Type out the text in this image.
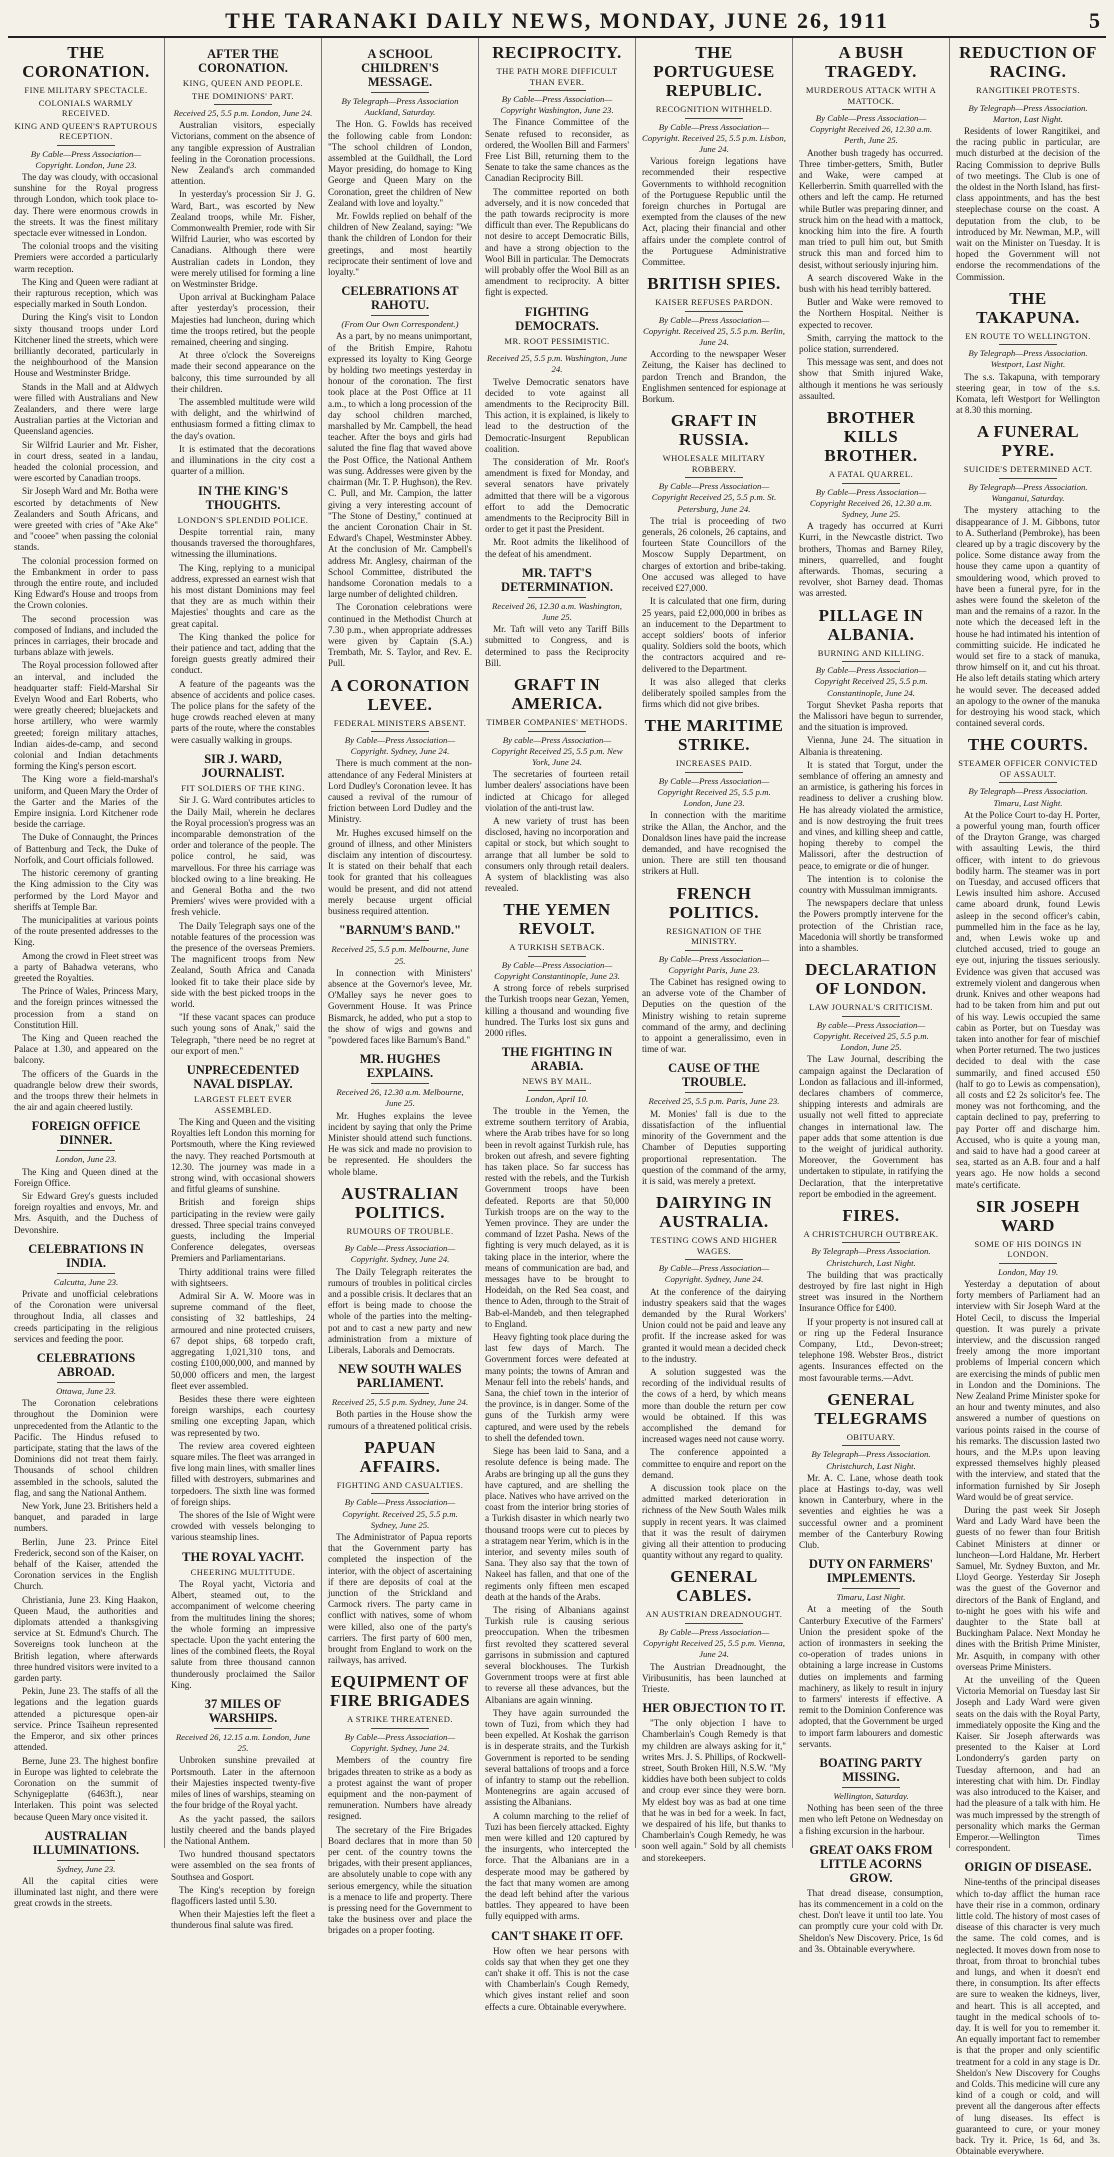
THE TARANAKI DAILY NEWS, MONDAY, JUNE 26, 1911	5
THE CORONATION.
FINE MILITARY SPECTACLE.
COLONIALS WARMLY RECEIVED.
KING AND QUEEN'S RAPTUROUS RECEPTION.
By Cable—Press Association—Copyright. London, June 23.

The day was cloudy, with occasional sunshine for the Royal progress through London, which took place to-day. There were enormous crowds in the streets. It was the finest military spectacle ever witnessed in London.

The colonial troops and the visiting Premiers were accorded a particularly warm reception.

The King and Queen were radiant at their rapturous reception, which was especially marked in South London.

During the King's visit to London sixty thousand troops under Lord Kitchener lined the streets, which were brilliantly decorated, particularly in the neighbourhood of the Mansion House and Westminster Bridge.

Stands in the Mall and at Aldwych were filled with Australians and New Zealanders, and there were large Australian parties at the Victorian and Queensland agencies.

Sir Wilfrid Laurier and Mr. Fisher, in court dress, seated in a landau, headed the colonial procession, and were escorted by Canadian troops.

Sir Joseph Ward and Mr. Botha were escorted by detachments of New Zealanders and South Africans, and were greeted with cries of "Ake Ake" and "cooee" when passing the colonial stands.

The colonial procession formed on the Embankment in order to pass through the entire route, and included King Edward's House and troops from the Crown colonies.

The second procession was composed of Indians, and included the princes in carriages, their brocade and turbans ablaze with jewels.

The Royal procession followed after an interval, and included the headquarter staff: Field-Marshal Sir Evelyn Wood and Earl Roberts, who were greatly cheered; bluejackets and horse artillery, who were warmly greeted; foreign military attaches, Indian aides-de-camp, and second colonial and Indian detachments forming the King's person escort.

The King wore a field-marshal's uniform, and Queen Mary the Order of the Garter and the Maries of the Empire insignia. Lord Kitchener rode beside the carriage.

The Duke of Connaught, the Princes of Battenburg and Teck, the Duke of Norfolk, and Court officials followed.

The historic ceremony of granting the King admission to the City was performed by the Lord Mayor and sheriffs at Temple Bar.

The municipalities at various points of the route presented addresses to the King.

Among the crowd in Fleet street was a party of Bahadwa veterans, who greeted the Royalties.

The Prince of Wales, Princess Mary, and the foreign princes witnessed the procession from a stand on Constitution Hill.

The King and Queen reached the Palace at 1.30, and appeared on the balcony.

The officers of the Guards in the quadrangle below drew their swords, and the troops threw their helmets in the air and again cheered lustily.

FOREIGN OFFICE DINNER.
London, June 23.

The King and Queen dined at the Foreign Office.

Sir Edward Grey's guests included foreign royalties and envoys, Mr. and Mrs. Asquith, and the Duchess of Devonshire.

CELEBRATIONS IN INDIA.
Calcutta, June 23.

Private and unofficial celebrations of the Coronation were universal throughout India, all classes and creeds participating in the religious services and feeding the poor.

CELEBRATIONS ABROAD.
Ottawa, June 23.

The Coronation celebrations throughout the Dominion were unprecedented from the Atlantic to the Pacific. The Hindus refused to participate, stating that the laws of the Dominions did not treat them fairly. Thousands of school children assembled in the schools, saluted the flag, and sang the National Anthem.

New York, June 23. Britishers held a banquet, and paraded in large numbers.

Berlin, June 23. Prince Eitel Frederick, second son of the Kaiser, on behalf of the Kaiser, attended the Coronation services in the English Church.

Christiania, June 23. King Haakon, Queen Maud, the authorities and diplomats attended a thanksgiving service at St. Edmund's Church. The Sovereigns took luncheon at the British legation, where afterwards three hundred visitors were invited to a garden party.

Pekin, June 23. The staffs of all the legations and the legation guards attended a picturesque open-air service. Prince Tsaiheun represented the Emperor, and six other princes attended.

Berne, June 23. The highest bonfire in Europe was lighted to celebrate the Coronation on the summit of Schynigeplatte (6463ft.), near Interlaken. This point was selected because Queen Mary once visited it.

AUSTRALIAN ILLUMINATIONS.
Sydney, June 23.

All the capital cities were illuminated last night, and there were great crowds in the streets.

AFTER THE CORONATION.
KING, QUEEN AND PEOPLE.
THE DOMINIONS' PART.
Received 25, 5.5 p.m. London, June 24.

Australian visitors, especially Victorians, comment on the absence of any tangible expression of Australian feeling in the Coronation processions. New Zealand's arch commanded attention.

In yesterday's procession Sir J. G. Ward, Bart., was escorted by New Zealand troops, while Mr. Fisher, Commonwealth Premier, rode with Sir Wilfrid Laurier, who was escorted by Canadians. Although there were Australian cadets in London, they were merely utilised for forming a line on Westminster Bridge.

Upon arrival at Buckingham Palace after yesterday's procession, their Majesties had luncheon, during which time the troops retired, but the people remained, cheering and singing.

At three o'clock the Sovereigns made their second appearance on the balcony, this time surrounded by all their children.

The assembled multitude were wild with delight, and the whirlwind of enthusiasm formed a fitting climax to the day's ovation.

It is estimated that the decorations and illuminations in the city cost a quarter of a million.

IN THE KING'S THOUGHTS.
LONDON'S SPLENDID POLICE.

Despite torrential rain, many thousands traversed the thoroughfares, witnessing the illuminations.

The King, replying to a municipal address, expressed an earnest wish that his most distant Dominions may feel that they are as much within their Majesties' thoughts and care as the great capital.

The King thanked the police for their patience and tact, adding that the foreign guests greatly admired their conduct.

A feature of the pageants was the absence of accidents and police cases. The police plans for the safety of the huge crowds reached eleven at many parts of the route, where the constables were casually walking in groups.

SIR J. WARD, JOURNALIST.
FIT SOLDIERS OF THE KING.

Sir J. G. Ward contributes articles to the Daily Mail, wherein he declares the Royal procession's progress was an incomparable demonstration of the order and tolerance of the people. The police control, he said, was marvellous. For three his carriage was blocked owing to a line breaking. He and General Botha and the two Premiers' wives were provided with a fresh vehicle.

The Daily Telegraph says one of the notable features of the procession was the presence of the overseas Premiers. The magnificent troops from New Zealand, South Africa and Canada looked fit to take their place side by side with the best picked troops in the world.

"If these vacant spaces can produce such young sons of Anak," said the Telegraph, "there need be no regret at our export of men."

UNPRECEDENTED NAVAL DISPLAY.
LARGEST FLEET EVER ASSEMBLED.

The King and Queen and the visiting Royalties left London this morning for Portsmouth, where the King reviewed the navy. They reached Portsmouth at 12.30. The journey was made in a strong wind, with occasional showers and fitful gleams of sunshine.

British and foreign ships participating in the review were gaily dressed. Three special trains conveyed guests, including the Imperial Conference delegates, overseas Premiers and Parliamentarians.

Thirty additional trains were filled with sightseers.

Admiral Sir A. W. Moore was in supreme command of the fleet, consisting of 32 battleships, 24 armoured and nine protected cruisers, 67 depot ships, 68 torpedo craft, aggregating 1,021,310 tons, and costing £100,000,000, and manned by 50,000 officers and men, the largest fleet ever assembled.

Besides these there were eighteen foreign warships, each courtesy smiling one excepting Japan, which was represented by two.

The review area covered eighteen square miles. The fleet was arranged in five long main lines, with smaller lines filled with destroyers, submarines and torpedoers. The sixth line was formed of foreign ships.

The shores of the Isle of Wight were crowded with vessels belonging to various steamship lines.

THE ROYAL YACHT.
CHEERING MULTITUDE.

The Royal yacht, Victoria and Albert, steamed out, to the accompaniment of welcome cheering from the multitudes lining the shores; the whole forming an impressive spectacle. Upon the yacht entering the lines of the combined fleets, the Royal salute from three thousand cannon thunderously proclaimed the Sailor King.

37 MILES OF WARSHIPS.
Received 26, 12.15 a.m. London, June 25.

Unbroken sunshine prevailed at Portsmouth. Later in the afternoon their Majesties inspected twenty-five miles of lines of warships, steaming on the four bridge of the Royal yacht.

As the yacht passed, the sailors lustily cheered and the bands played the National Anthem.

Two hundred thousand spectators were assembled on the sea fronts of Southsea and Gosport.

The King's reception by foreign flagofficers lasted until 5.30.

When their Majesties left the fleet a thunderous final salute was fired.

A SCHOOL CHILDREN'S MESSAGE.
By Telegraph—Press Association Auckland, Saturday.

The Hon. G. Fowlds has received the following cable from London: "The school children of London, assembled at the Guildhall, the Lord Mayor presiding, do homage to King George and Queen Mary on the Coronation, greet the children of New Zealand with love and loyalty."

Mr. Fowlds replied on behalf of the children of New Zealand, saying: "We thank the children of London for their greetings, and most heartily reciprocate their sentiment of love and loyalty."

CELEBRATIONS AT RAHOTU.
(From Our Own Correspondent.)

As a part, by no means unimportant, of the British Empire, Rahotu expressed its loyalty to King George by holding two meetings yesterday in honour of the coronation. The first took place at the Post Office at 11 a.m., to which a long procession of the day school children marched, marshalled by Mr. Campbell, the head teacher. After the boys and girls had saluted the fine flag that waved above the Post Office, the National Anthem was sung. Addresses were given by the chairman (Mr. T. P. Hughson), the Rev. C. Pull, and Mr. Campion, the latter giving a very interesting account of "The Stone of Destiny," continued at the ancient Coronation Chair in St. Edward's Chapel, Westminster Abbey. At the conclusion of Mr. Campbell's address Mr. Anglesy, chairman of the School Committee, distributed the handsome Coronation medals to a large number of delighted children.

The Coronation celebrations were continued in the Methodist Church at 7.30 p.m., when appropriate addresses were given by Captain (S.A.) Trembath, Mr. S. Taylor, and Rev. E. Pull.

A CORONATION LEVEE.
FEDERAL MINISTERS ABSENT.
By Cable—Press Association—Copyright. Sydney, June 24.

There is much comment at the non-attendance of any Federal Ministers at Lord Dudley's Coronation levee. It has caused a revival of the rumour of friction between Lord Dudley and the Ministry.

Mr. Hughes excused himself on the ground of illness, and other Ministers disclaim any intention of discourtesy. It is stated on their behalf that each took for granted that his colleagues would be present, and did not attend merely because urgent official business required attention.

"BARNUM'S BAND."
Received 25, 5.5 p.m. Melbourne, June 25.

In connection with Ministers' absence at the Governor's levee, Mr. O'Malley says he never goes to Government House. It was Prince Bismarck, he added, who put a stop to the show of wigs and gowns and "powdered faces like Barnum's Band."

MR. HUGHES EXPLAINS.
Received 26, 12.30 a.m. Melbourne, June 25.

Mr. Hughes explains the levee incident by saying that only the Prime Minister should attend such functions. He was sick and made no provision to be represented. He shoulders the whole blame.

AUSTRALIAN POLITICS.
RUMOURS OF TROUBLE.
By Cable—Press Association—Copyright. Sydney, June 24.

The Daily Telegraph reiterates the rumours of troubles in political circles and a possible crisis. It declares that an effort is being made to choose the whole of the parties into the melting-pot and to cast a new party and new administration from a mixture of Liberals, Laborals and Democrats.

NEW SOUTH WALES PARLIAMENT.
Received 25, 5.5 p.m. Sydney, June 24.

Both parties in the House show the rumours of a threatened political crisis.

PAPUAN AFFAIRS.
FIGHTING AND CASUALTIES.
By Cable—Press Association—Copyright. Received 25, 5.5 p.m. Sydney, June 25.

The Administrator of Papua reports that the Government party has completed the inspection of the interior, with the object of ascertaining if there are deposits of coal at the junction of the Strickland and Carmock rivers. The party came in conflict with natives, some of whom were killed, also one of the party's carriers. The first party of 600 men, brought from England to work on the railways, has arrived.

EQUIPMENT OF FIRE BRIGADES
A STRIKE THREATENED.
By Cable—Press Association—Copyright. Sydney, June 24.

Members of the country fire brigades threaten to strike as a body as a protest against the want of proper equipment and the non-payment of remuneration. Numbers have already resigned.

The secretary of the Fire Brigades Board declares that in more than 50 per cent. of the country towns the brigades, with their present appliances, are absolutely unable to cope with any serious emergency, while the situation is a menace to life and property. There is pressing need for the Government to take the business over and place the brigades on a proper footing.

RECIPROCITY.
THE PATH MORE DIFFICULT THAN EVER.
By Cable—Press Association—Copyright Washington, June 23.

The Finance Committee of the Senate refused to reconsider, as ordered, the Woollen Bill and Farmers' Free List Bill, returning them to the Senate to take the same chances as the Canadian Reciprocity Bill.

The committee reported on both adversely, and it is now conceded that the path towards reciprocity is more difficult than ever. The Republicans do not desire to accept Democratic Bills, and have a strong objection to the Wool Bill in particular. The Democrats will probably offer the Wool Bill as an amendment to reciprocity. A bitter fight is expected.

FIGHTING DEMOCRATS.
MR. ROOT PESSIMISTIC.
Received 25, 5.5 p.m. Washington, June 24.

Twelve Democratic senators have decided to vote against all amendments to the Reciprocity Bill. This action, it is explained, is likely to lead to the destruction of the Democratic-Insurgent Republican coalition.

The consideration of Mr. Root's amendment is fixed for Monday, and several senators have privately admitted that there will be a vigorous effort to add the Democratic amendments to the Reciprocity Bill in order to get it past the President.

Mr. Root admits the likelihood of the defeat of his amendment.

MR. TAFT'S DETERMINATION.
Received 26, 12.30 a.m. Washington, June 25.

Mr. Taft will veto any Tariff Bills submitted to Congress, and is determined to pass the Reciprocity Bill.

GRAFT IN AMERICA.
TIMBER COMPANIES' METHODS.
By cable—Press Association—Copyright Received 25, 5.5 p.m. New York, June 24.

The secretaries of fourteen retail lumber dealers' associations have been indicted at Chicago for alleged violation of the anti-trust law.

A new variety of trust has been disclosed, having no incorporation and capital or stock, but which sought to arrange that all lumber be sold to consumers only through retail dealers. A system of blacklisting was also revealed.

THE YEMEN REVOLT.
A TURKISH SETBACK.
By Cable—Press Association—Copyright Constantinople, June 23.

A strong force of rebels surprised the Turkish troops near Gezan, Yemen, killing a thousand and wounding five hundred. The Turks lost six guns and 2000 rifles.

THE FIGHTING IN ARABIA.
NEWS BY MAIL.
London, April 10.

The trouble in the Yemen, the extreme southern territory of Arabia, where the Arab tribes have for so long been in revolt against Turkish rule, has broken out afresh, and severe fighting has taken place. So far success has rested with the rebels, and the Turkish Government troops have been defeated. Reports are that 50,000 Turkish troops are on the way to the Yemen province. They are under the command of Izzet Pasha. News of the fighting is very much delayed, as it is taking place in the interior, where the means of communication are bad, and messages have to be brought to Hodeidah, on the Red Sea coast, and thence to Aden, through to the Strait of Bab-el-Mandeb, and then telegraphed to England.

Heavy fighting took place during the last few days of March. The Government forces were defeated at many points; the towns of Amran and Menaur fell into the rebels' hands, and Sana, the chief town in the interior of the province, is in danger. Some of the guns of the Turkish army were captured, and were used by the rebels to shell the defended town.

Siege has been laid to Sana, and a resolute defence is being made. The Arabs are bringing up all the guns they have captured, and are shelling the place. Natives who have arrived on the coast from the interior bring stories of a Turkish disaster in which nearly two thousand troops were cut to pieces by a stratagem near Yerim, which is in the interior, and seventy miles south of Sana. They also say that the town of Nakeel has fallen, and that one of the regiments only fifteen men escaped death at the hands of the Arabs.

The rising of Albanians against Turkish rule is causing serious preoccupation. When the tribesmen first revolted they scattered several garrisons in submission and captured several blockhouses. The Turkish Government troops were at first able to reverse all these advances, but the Albanians are again winning.

They have again surrounded the town of Tuzi, from which they had been expelled. At Koshak the garrison is in desperate straits, and the Turkish Government is reported to be sending several battalions of troops and a force of infantry to stamp out the rebellion. Montenegrins are again accused of assisting the Albanians.

A column marching to the relief of Tuzi has been fiercely attacked. Eighty men were killed and 120 captured by the insurgents, who intercepted the force. That the Albanians are in a desperate mood may be gathered by the fact that many women are among the dead left behind after the various battles. They appeared to have been fully equipped with arms.

CAN'T SHAKE IT OFF.

How often we hear persons with colds say that when they get one they can't shake it off. This is not the case with Chamberlain's Cough Remedy, which gives instant relief and soon effects a cure. Obtainable everywhere.

THE PORTUGUESE REPUBLIC.
RECOGNITION WITHHELD.
By Cable—Press Association—Copyright. Received 25, 5.5 p.m. Lisbon, June 24.

Various foreign legations have recommended their respective Governments to withhold recognition of the Portuguese Republic until the foreign churches in Portugal are exempted from the clauses of the new Act, placing their financial and other affairs under the complete control of the Portuguese Administrative Committee.

BRITISH SPIES.
KAISER REFUSES PARDON.
By Cable—Press Association—Copyright. Received 25, 5.5 p.m. Berlin, June 24.

According to the newspaper Weser Zeitung, the Kaiser has declined to pardon Trench and Brandon, the Englishmen sentenced for espionage at Borkum.

GRAFT IN RUSSIA.
WHOLESALE MILITARY ROBBERY.
By Cable—Press Association—Copyright Received 25, 5.5 p.m. St. Petersburg, June 24.

The trial is proceeding of two generals, 26 colonels, 26 captains, and fourteen State Councillors of the Moscow Supply Department, on charges of extortion and bribe-taking. One accused was alleged to have received £27,000.

It is calculated that one firm, during 25 years, paid £2,000,000 in bribes as an inducement to the Department to accept soldiers' boots of inferior quality. Soldiers sold the boots, which the contractors acquired and re-delivered to the Department.

It was also alleged that clerks deliberately spoiled samples from the firms which did not give bribes.

THE MARITIME STRIKE.
INCREASES PAID.
By Cable—Press Association—Copyright Received 25, 5.5 p.m. London, June 23.

In connection with the maritime strike the Allan, the Anchor, and the Donaldson lines have paid the increase demanded, and have recognised the union. There are still ten thousand strikers at Hull.

FRENCH POLITICS.
RESIGNATION OF THE MINISTRY.
By Cable—Press Association—Copyright Paris, June 23.

The Cabinet has resigned owing to an adverse vote of the Chamber of Deputies on the question of the Ministry wishing to retain supreme command of the army, and declining to appoint a generalissimo, even in time of war.

CAUSE OF THE TROUBLE.
Received 25, 5.5 p.m. Paris, June 23.

M. Monies' fall is due to the dissatisfaction of the influential minority of the Government and the Chamber of Deputies supporting proportional representation. The question of the command of the army, it is said, was merely a pretext.

DAIRYING IN AUSTRALIA.
TESTING COWS AND HIGHER WAGES.
By Cable—Press Association—Copyright. Sydney, June 24.

At the conference of the dairying industry speakers said that the wages demanded by the Rural Workers' Union could not be paid and leave any profit. If the increase asked for was granted it would mean a decided check to the industry.

A solution suggested was the recording of the individual results of the cows of a herd, by which means more than double the return per cow would be obtained. If this was accomplished the demand for increased wages need not cause worry.

The conference appointed a committee to enquire and report on the demand.

A discussion took place on the admitted marked deterioration in richness of the New South Wales milk supply in recent years. It was claimed that it was the result of dairymen giving all their attention to producing quantity without any regard to quality.

GENERAL CABLES.
AN AUSTRIAN DREADNOUGHT.
By Cable—Press Association—Copyright Received 25, 5.5 p.m. Vienna, June 24.

The Austrian Dreadnought, the Viribusunitis, has been launched at Trieste.

HER OBJECTION TO IT.

"The only objection I have to Chamberlain's Cough Remedy is that my children are always asking for it," writes Mrs. J. S. Phillips, of Rockwell-street, South Broken Hill, N.S.W. "My kiddies have both been subject to colds and croup ever since they were born. My eldest boy was as bad at one time that he was in bed for a week. In fact, we despaired of his life, but thanks to Chamberlain's Cough Remedy, he was soon well again." Sold by all chemists and storekeepers.

A BUSH TRAGEDY.
MURDEROUS ATTACK WITH A MATTOCK.
By Cable—Press Association—Copyright Received 26, 12.30 a.m. Perth, June 25.

Another bush tragedy has occurred. Three timber-getters, Smith, Butler and Wake, were camped at Kellerberrin. Smith quarrelled with the others and left the camp. He returned while Butler was preparing dinner, and struck him on the head with a mattock, knocking him into the fire. A fourth man tried to pull him out, but Smith struck this man and forced him to desist, without seriously injuring him.

A search discovered Wake in the bush with his head terribly battered.

Butler and Wake were removed to the Northern Hospital. Neither is expected to recover.

Smith, carrying the mattock to the police station, surrendered.

This message was sent, and does not show that Smith injured Wake, although it mentions he was seriously assaulted.

BROTHER KILLS BROTHER.
A FATAL QUARREL.
By Cable—Press Association—Copyright Received 26, 12.30 a.m. Sydney, June 25.

A tragedy has occurred at Kurri Kurri, in the Newcastle district. Two brothers, Thomas and Barney Riley, miners, quarrelled, and fought afterwards. Thomas, securing a revolver, shot Barney dead. Thomas was arrested.

PILLAGE IN ALBANIA.
BURNING AND KILLING.
By Cable—Press Association—Copyright Received 25, 5.5 p.m. Constantinople, June 24.

Torgut Shevket Pasha reports that the Malissori have begun to surrender, and the situation is improved.

Vienna, June 24. The situation in Albania is threatening.

It is stated that Torgut, under the semblance of offering an amnesty and an armistice, is gathering his forces in readiness to deliver a crushing blow. He has already violated the armistice, and is now destroying the fruit trees and vines, and killing sheep and cattle, hoping thereby to compel the Malissori, after the destruction of peace, to emigrate or die of hunger.

The intention is to colonise the country with Mussulman immigrants.

The newspapers declare that unless the Powers promptly intervene for the protection of the Christian race, Macedonia will shortly be transformed into a shambles.

DECLARATION OF LONDON.
LAW JOURNAL'S CRITICISM.
By cable—Press Association—Copyright. Received 25, 5.5 p.m. London, June 25.

The Law Journal, describing the campaign against the Declaration of London as fallacious and ill-informed, declares chambers of commerce, shipping interests and admirals are usually not well fitted to appreciate changes in international law. The paper adds that some attention is due to the weight of juridical authority. Moreover, the Government has undertaken to stipulate, in ratifying the Declaration, that the interpretative report be embodied in the agreement.

FIRES.
A CHRISTCHURCH OUTBREAK.
By Telegraph—Press Association. Christchurch, Last Night.

The building that was practically destroyed by fire last night in High street was insured in the Northern Insurance Office for £400.

If your property is not insured call at or ring up the Federal Insurance Company, Ltd., Devon-street; telephone 198. Webster Bros., district agents. Insurances effected on the most favourable terms.—Advt.

GENERAL TELEGRAMS
OBITUARY.
By Telegraph—Press Association. Christchurch, Last Night.

Mr. A. C. Lane, whose death took place at Hastings to-day, was well known in Canterbury, where in the seventies and eighties he was a successful owner and a prominent member of the Canterbury Rowing Club.

DUTY ON FARMERS' IMPLEMENTS.
Timaru, Last Night.

At a meeting of the South Canterbury Executive of the Farmers' Union the president spoke of the action of ironmasters in seeking the co-operation of trades unions in obtaining a large increase in Customs duties on implements and farming machinery, as likely to result in injury to farmers' interests if effective. A remit to the Dominion Conference was adopted, that the Government be urged to import farm labourers and domestic servants.

BOATING PARTY MISSING.
Wellington, Saturday.

Nothing has been seen of the three men who left Petone on Wednesday on a fishing excursion in the harbour.

GREAT OAKS FROM LITTLE ACORNS GROW.

That dread disease, consumption, has its commencement in a cold on the chest. Don't leave it until too late. You can promptly cure your cold with Dr. Sheldon's New Discovery. Price, 1s 6d and 3s. Obtainable everywhere.

REDUCTION OF RACING.
RANGITIKEI PROTESTS.
By Telegraph—Press Association. Marton, Last Night.

Residents of lower Rangitikei, and the racing public in particular, are much disturbed at the decision of the Racing Commission to deprive Bulls of two meetings. The Club is one of the oldest in the North Island, has first-class appointments, and has the best steeplechase course on the coast. A deputation from the club, to be introduced by Mr. Newman, M.P., will wait on the Minister on Tuesday. It is hoped the Government will not endorse the recommendations of the Commission.

THE TAKAPUNA.
EN ROUTE TO WELLINGTON.
By Telegraph—Press Association. Westport, Last Night.

The s.s. Takapuna, with temporary steering gear, in tow of the s.s. Komata, left Westport for Wellington at 8.30 this morning.

A FUNERAL PYRE.
SUICIDE'S DETERMINED ACT.
By Telegraph—Press Association. Wanganui, Saturday.

The mystery attaching to the disappearance of J. M. Gibbons, tutor to A. Sutherland (Pembroke), has been cleared up by a tragic discovery by the police. Some distance away from the house they came upon a quantity of smouldering wood, which proved to have been a funeral pyre, for in the ashes were found the skeleton of the man and the remains of a razor. In the note which the deceased left in the house he had intimated his intention of committing suicide. He indicated he would set fire to a stack of manuka, throw himself on it, and cut his throat. He also left details stating which artery he would sever. The deceased added an apology to the owner of the manuka for destroying his wood stack, which contained several cords.

THE COURTS.
STEAMER OFFICER CONVICTED OF ASSAULT.
By Telegraph—Press Association. Timaru, Last Night.

At the Police Court to-day H. Porter, a powerful young man, fourth officer of the Drayton Grange, was charged with assaulting Lewis, the third officer, with intent to do grievous bodily harm. The steamer was in port on Tuesday, and accused officers that Lewis insulted him ashore. Accused came aboard drunk, found Lewis asleep in the second officer's cabin, pummelled him in the face as he lay, and, when Lewis woke up and clutched accused, tried to gouge an eye out, injuring the tissues seriously. Evidence was given that accused was extremely violent and dangerous when drunk. Knives and other weapons had had to be taken from him and put out of his way. Lewis occupied the same cabin as Porter, but on Tuesday was taken into another for fear of mischief when Porter returned. The two justices decided to deal with the case summarily, and fined accused £50 (half to go to Lewis as compensation), all costs and £2 2s solicitor's fee. The money was not forthcoming, and the captain declined to pay, preferring to pay Porter off and discharge him. Accused, who is quite a young man, and said to have had a good career at sea, started as an A.B. four and a half years ago. He now holds a second mate's certificate.

SIR JOSEPH WARD
SOME OF HIS DOINGS IN LONDON.
London, May 19.

Yesterday a deputation of about forty members of Parliament had an interview with Sir Joseph Ward at the Hotel Cecil, to discuss the Imperial question. It was purely a private interview, and the discussion ranged freely among the more important problems of Imperial concern which are exercising the minds of public men in London and the Dominions. The New Zealand Prime Minister spoke for an hour and twenty minutes, and also answered a number of questions on various points raised in the course of his remarks. The discussion lasted two hours, and the M.P.s upon leaving expressed themselves highly pleased with the interview, and stated that the information furnished by Sir Joseph Ward would be of great service.

During the past week Sir Joseph Ward and Lady Ward have been the guests of no fewer than four British Cabinet Ministers at dinner or luncheon—Lord Haldane, Mr. Herbert Samuel, Mr. Sydney Buxton, and Mr. Lloyd George. Yesterday Sir Joseph was the guest of the Governor and directors of the Bank of England, and to-night he goes with his wife and daughter to the State ball at Buckingham Palace. Next Monday he dines with the British Prime Minister, Mr. Asquith, in company with other overseas Prime Ministers.

At the unveiling of the Queen Victoria Memorial on Tuesday last Sir Joseph and Lady Ward were given seats on the dais with the Royal Party, immediately opposite the King and the Kaiser. Sir Joseph afterwards was presented to the Kaiser at Lord Londonderry's garden party on Tuesday afternoon, and had an interesting chat with him. Dr. Findlay was also introduced to the Kaiser, and had the pleasure of a talk with him. He was much impressed by the strength of personality which marks the German Emperor.—Wellington Times correspondent.

ORIGIN OF DISEASE.

Nine-tenths of the principal diseases which to-day afflict the human race have their rise in a common, ordinary little cold. The history of most cases of disease of this character is very much the same. The cold comes, and is neglected. It moves down from nose to throat, from throat to bronchial tubes and lungs, and when it doesn't end there, in consumption. Its after effects are sure to weaken the kidneys, liver, and heart. This is all accepted, and taught in the medical schools of to-day. It is well for you to remember it. An equally important fact to remember is that the proper and only scientific treatment for a cold in any stage is Dr. Sheldon's New Discovery for Coughs and Colds. This medicine will cure any kind of a cough or cold, and will prevent all the dangerous after effects of lung diseases. Its effect is guaranteed to cure, or your money back. Try it. Price, 1s 6d, and 3s. Obtainable everywhere.
